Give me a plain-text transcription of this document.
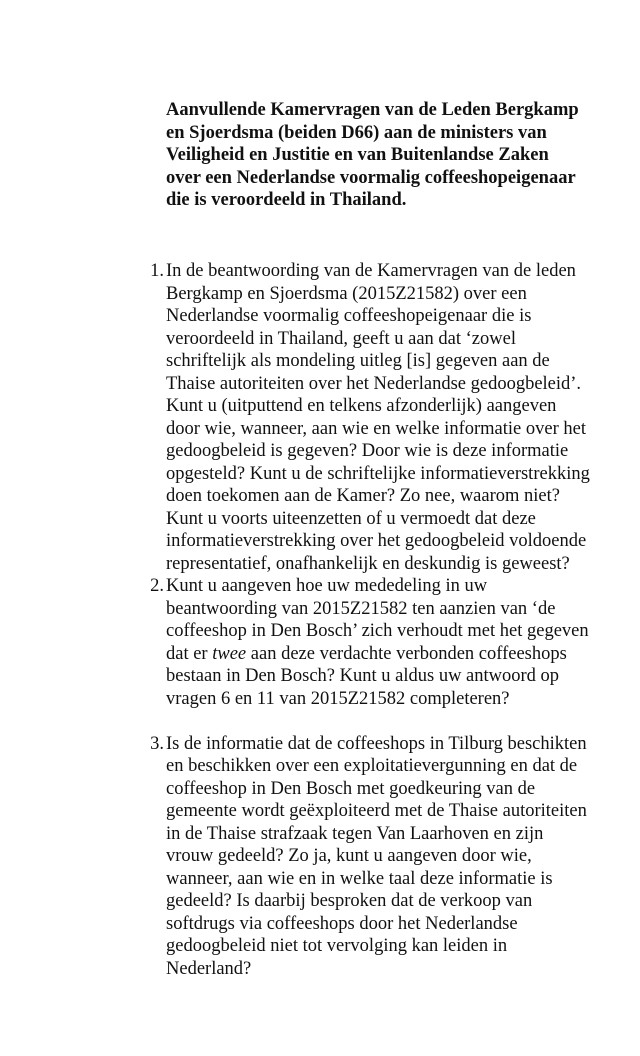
Aanvullende Kamervragen van de Leden Bergkamp en Sjoerdsma (beiden D66) aan de ministers van Veiligheid en Justitie en van Buitenlandse Zaken over een Nederlandse voormalig coffeeshopeigenaar die is veroordeeld in Thailand.

1. In de beantwoording van de Kamervragen van de leden Bergkamp en Sjoerdsma (2015Z21582) over een Nederlandse voormalig coffeeshopeigenaar die is veroordeeld in Thailand, geeft u aan dat ‘zowel schriftelijk als mondeling uitleg [is] gegeven aan de Thaise autoriteiten over het Nederlandse gedoogbeleid’. Kunt u (uitputtend en telkens afzonderlijk) aangeven door wie, wanneer, aan wie en welke informatie over het gedoogbeleid is gegeven? Door wie is deze informatie opgesteld? Kunt u de schriftelijke informatieverstrekking doen toekomen aan de Kamer? Zo nee, waarom niet? Kunt u voorts uiteenzetten of u vermoedt dat deze informatieverstrekking over het gedoogbeleid voldoende representatief, onafhankelijk en deskundig is geweest?
2. Kunt u aangeven hoe uw mededeling in uw beantwoording van 2015Z21582 ten aanzien van ‘de coffeeshop in Den Bosch’ zich verhoudt met het gegeven dat er twee aan deze verdachte verbonden coffeeshops bestaan in Den Bosch? Kunt u aldus uw antwoord op vragen 6 en 11 van 2015Z21582 completeren?
3. Is de informatie dat de coffeeshops in Tilburg beschikten en beschikken over een exploitatievergunning en dat de coffeeshop in Den Bosch met goedkeuring van de gemeente wordt geëxploiteerd met de Thaise autoriteiten in de Thaise strafzaak tegen Van Laarhoven en zijn vrouw gedeeld? Zo ja, kunt u aangeven door wie, wanneer, aan wie en in welke taal deze informatie is gedeeld? Is daarbij besproken dat de verkoop van softdrugs via coffeeshops door het Nederlandse gedoogbeleid niet tot vervolging kan leiden in Nederland?
